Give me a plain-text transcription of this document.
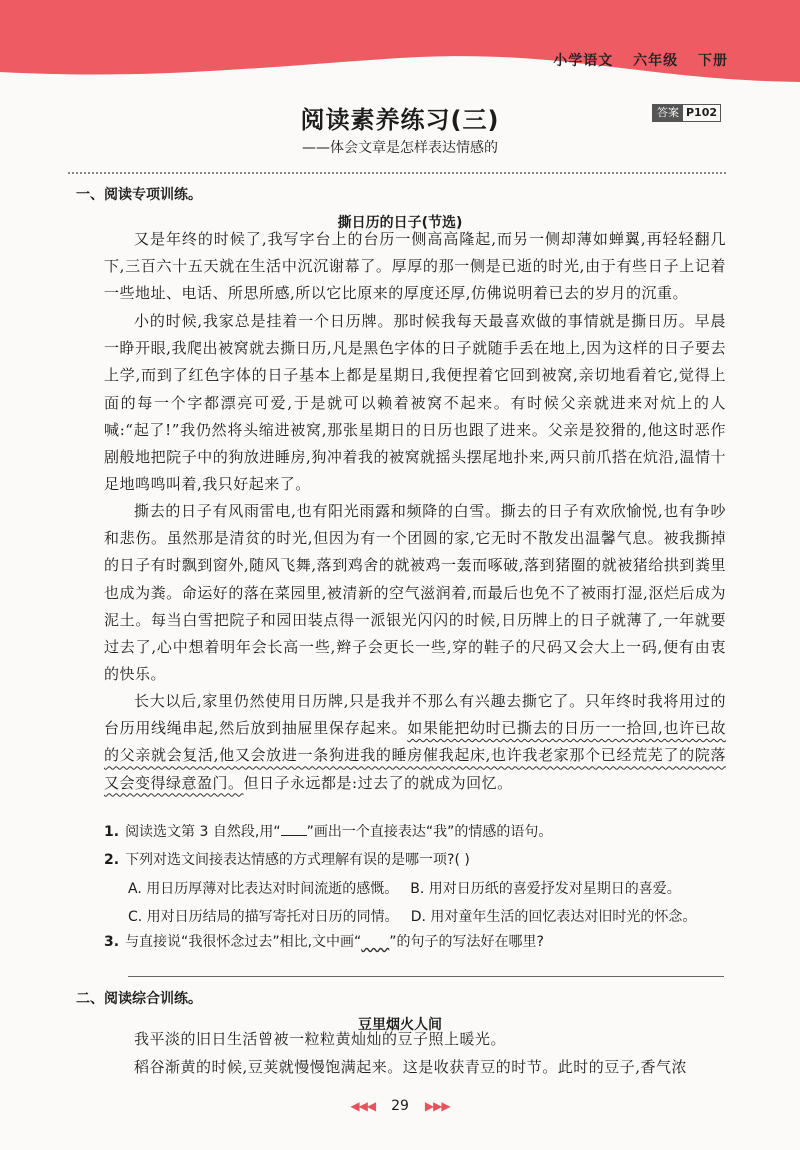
小学语文 六年级 下册
阅读素养练习(三)	答案 P102
——体会文章是怎样表达情感的
一、阅读专项训练。
撕日历的日子(节选)

又是年终的时候了,我写字台上的台历一侧高高隆起,而另一侧却薄如蝉翼,再轻轻翻几下,三百六十五天就在生活中沉沉谢幕了。厚厚的那一侧是已逝的时光,由于有些日子上记着一些地址、电话、所思所感,所以它比原来的厚度还厚,仿佛说明着已去的岁月的沉重。

小的时候,我家总是挂着一个日历牌。那时候我每天最喜欢做的事情就是撕日历。早晨一睁开眼,我爬出被窝就去撕日历,凡是黑色字体的日子就随手丢在地上,因为这样的日子要去上学,而到了红色字体的日子基本上都是星期日,我便捏着它回到被窝,亲切地看着它,觉得上面的每一个字都漂亮可爱,于是就可以赖着被窝不起来。有时候父亲就进来对炕上的人喊:“起了!”我仍然将头缩进被窝,那张星期日的日历也跟了进来。父亲是狡猾的,他这时恶作剧般地把院子中的狗放进睡房,狗冲着我的被窝就摇头摆尾地扑来,两只前爪搭在炕沿,温情十足地鸣鸣叫着,我只好起来了。

撕去的日子有风雨雷电,也有阳光雨露和频降的白雪。撕去的日子有欢欣愉悦,也有争吵和悲伤。虽然那是清贫的时光,但因为有一个团圆的家,它无时不散发出温馨气息。被我撕掉的日子有时飘到窗外,随风飞舞,落到鸡舍的就被鸡一轰而啄破,落到猪圈的就被猪给拱到粪里也成为粪。命运好的落在菜园里,被清新的空气滋润着,而最后也免不了被雨打湿,沤烂后成为泥土。每当白雪把院子和园田装点得一派银光闪闪的时候,日历牌上的日子就薄了,一年就要过去了,心中想着明年会长高一些,辫子会更长一些,穿的鞋子的尺码又会大上一码,便有由衷的快乐。

长大以后,家里仍然使用日历牌,只是我并不那么有兴趣去撕它了。只年终时我将用过的台历用线绳串起,然后放到抽屉里保存起来。如果能把幼时已撕去的日历一一拾回,也许已故的父亲就会复活,他又会放进一条狗进我的睡房催我起床,也许我老家那个已经荒芜了的院落又会变得绿意盈门。但日子永远都是:过去了的就成为回忆。

1. 阅读选文第 3 自然段,用“ ”画出一个直接表达“我”的情感的语句。
2. 下列对选文间接表达情感的方式理解有误的是哪一项?( )
A. 用日历厚薄对比表达对时间流逝的感慨。 B. 用对日历纸的喜爱抒发对星期日的喜爱。
C. 用对日历结局的描写寄托对日历的同情。 D. 用对童年生活的回忆表达对旧时光的怀念。
3. 与直接说“我很怀念过去”相比,文中画“   ”的句子的写法好在哪里?
二、阅读综合训练。
豆里烟火人间

我平淡的旧日生活曾被一粒粒黄灿灿的豆子照上暖光。

稻谷渐黄的时候,豆荚就慢慢饱满起来。这是收获青豆的时节。此时的豆子,香气浓

◀◀◀ 29 ▶▶▶
